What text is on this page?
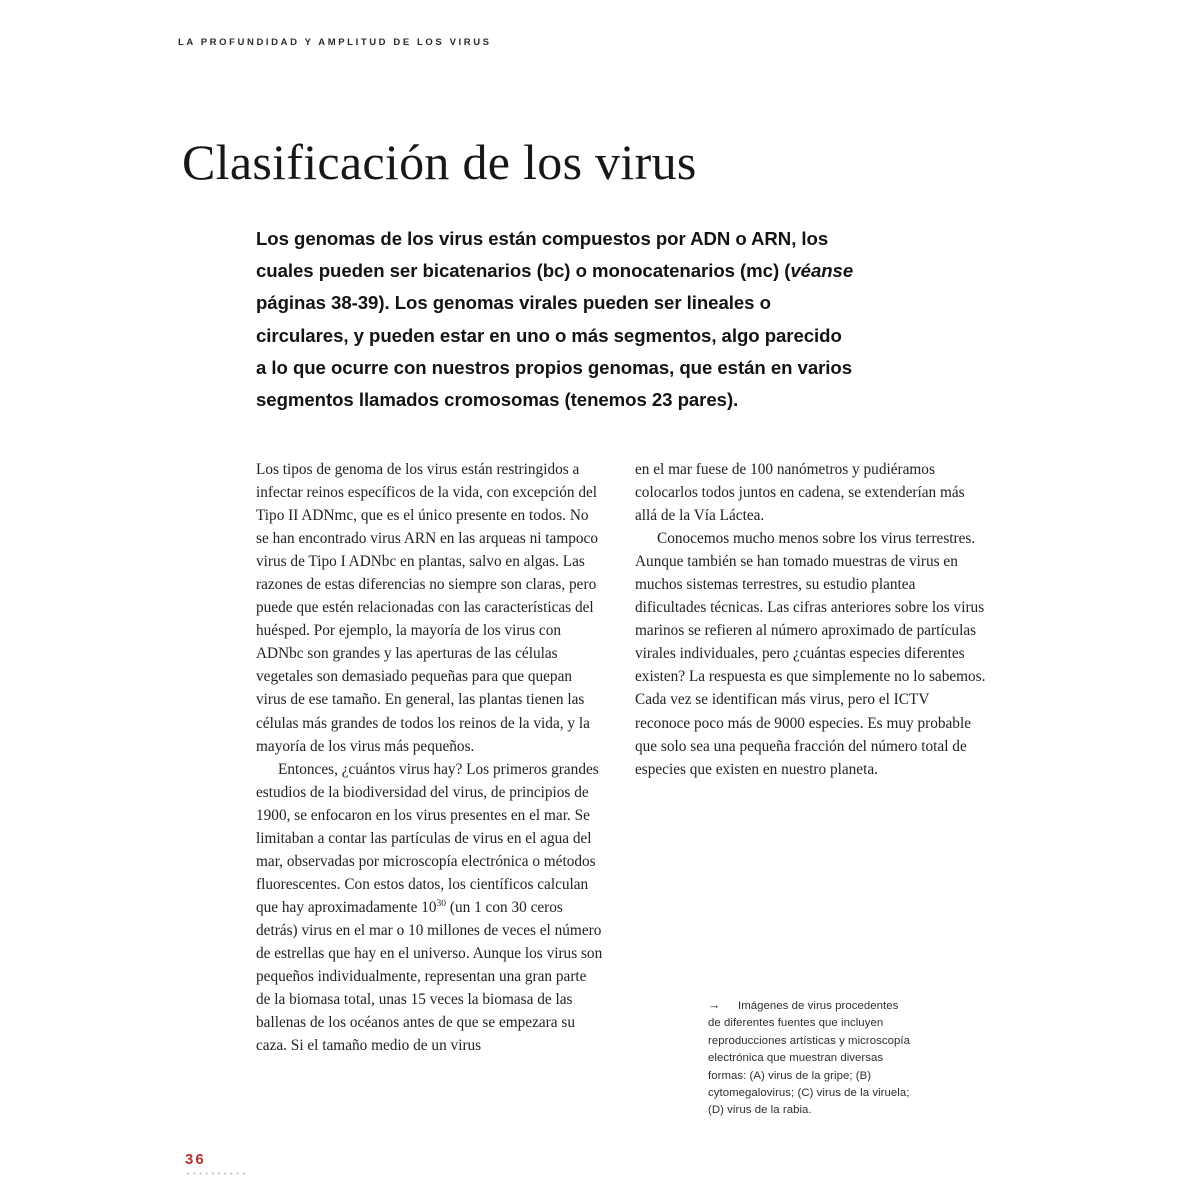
LA PROFUNDIDAD Y AMPLITUD DE LOS VIRUS
Clasificación de los virus
Los genomas de los virus están compuestos por ADN o ARN, los cuales pueden ser bicatenarios (bc) o monocatenarios (mc) (véanse páginas 38-39). Los genomas virales pueden ser lineales o circulares, y pueden estar en uno o más segmentos, algo parecido a lo que ocurre con nuestros propios genomas, que están en varios segmentos llamados cromosomas (tenemos 23 pares).

Los tipos de genoma de los virus están restringidos a infectar reinos específicos de la vida, con excepción del Tipo II ADNmc, que es el único presente en todos. No se han encontrado virus ARN en las arqueas ni tampoco virus de Tipo I ADNbc en plantas, salvo en algas. Las razones de estas diferencias no siempre son claras, pero puede que estén relacionadas con las características del huésped. Por ejemplo, la mayoría de los virus con ADNbc son grandes y las aperturas de las células vegetales son demasiado pequeñas para que quepan virus de ese tamaño. En general, las plantas tienen las células más grandes de todos los reinos de la vida, y la mayoría de los virus más pequeños.

Entonces, ¿cuántos virus hay? Los primeros grandes estudios de la biodiversidad del virus, de principios de 1900, se enfocaron en los virus presentes en el mar. Se limitaban a contar las partículas de virus en el agua del mar, observadas por microscopía electrónica o métodos fluorescentes. Con estos datos, los científicos calculan que hay aproximadamente $10^{30}$ (un 1 con 30 ceros detrás) virus en el mar o 10 millones de veces el número de estrellas que hay en el universo. Aunque los virus son pequeños individualmente, representan una gran parte de la biomasa total, unas 15 veces la biomasa de las ballenas de los océanos antes de que se empezara su caza. Si el tamaño medio de un virus

en el mar fuese de 100 nanómetros y pudiéramos colocarlos todos juntos en cadena, se extenderían más allá de la Vía Láctea.

Conocemos mucho menos sobre los virus terrestres. Aunque también se han tomado muestras de virus en muchos sistemas terrestres, su estudio plantea dificultades técnicas. Las cifras anteriores sobre los virus marinos se refieren al número aproximado de partículas virales individuales, pero ¿cuántas especies diferentes existen? La respuesta es que simplemente no lo sabemos. Cada vez se identifican más virus, pero el ICTV reconoce poco más de 9000 especies. Es muy probable que solo sea una pequeña fracción del número total de especies que existen en nuestro planeta.

→ Imágenes de virus procedentes de diferentes fuentes que incluyen reproducciones artísticas y microscopía electrónica que muestran diversas formas: (A) virus de la gripe; (B) cytomegalovirus; (C) virus de la viruela; (D) virus de la rabia.
36
